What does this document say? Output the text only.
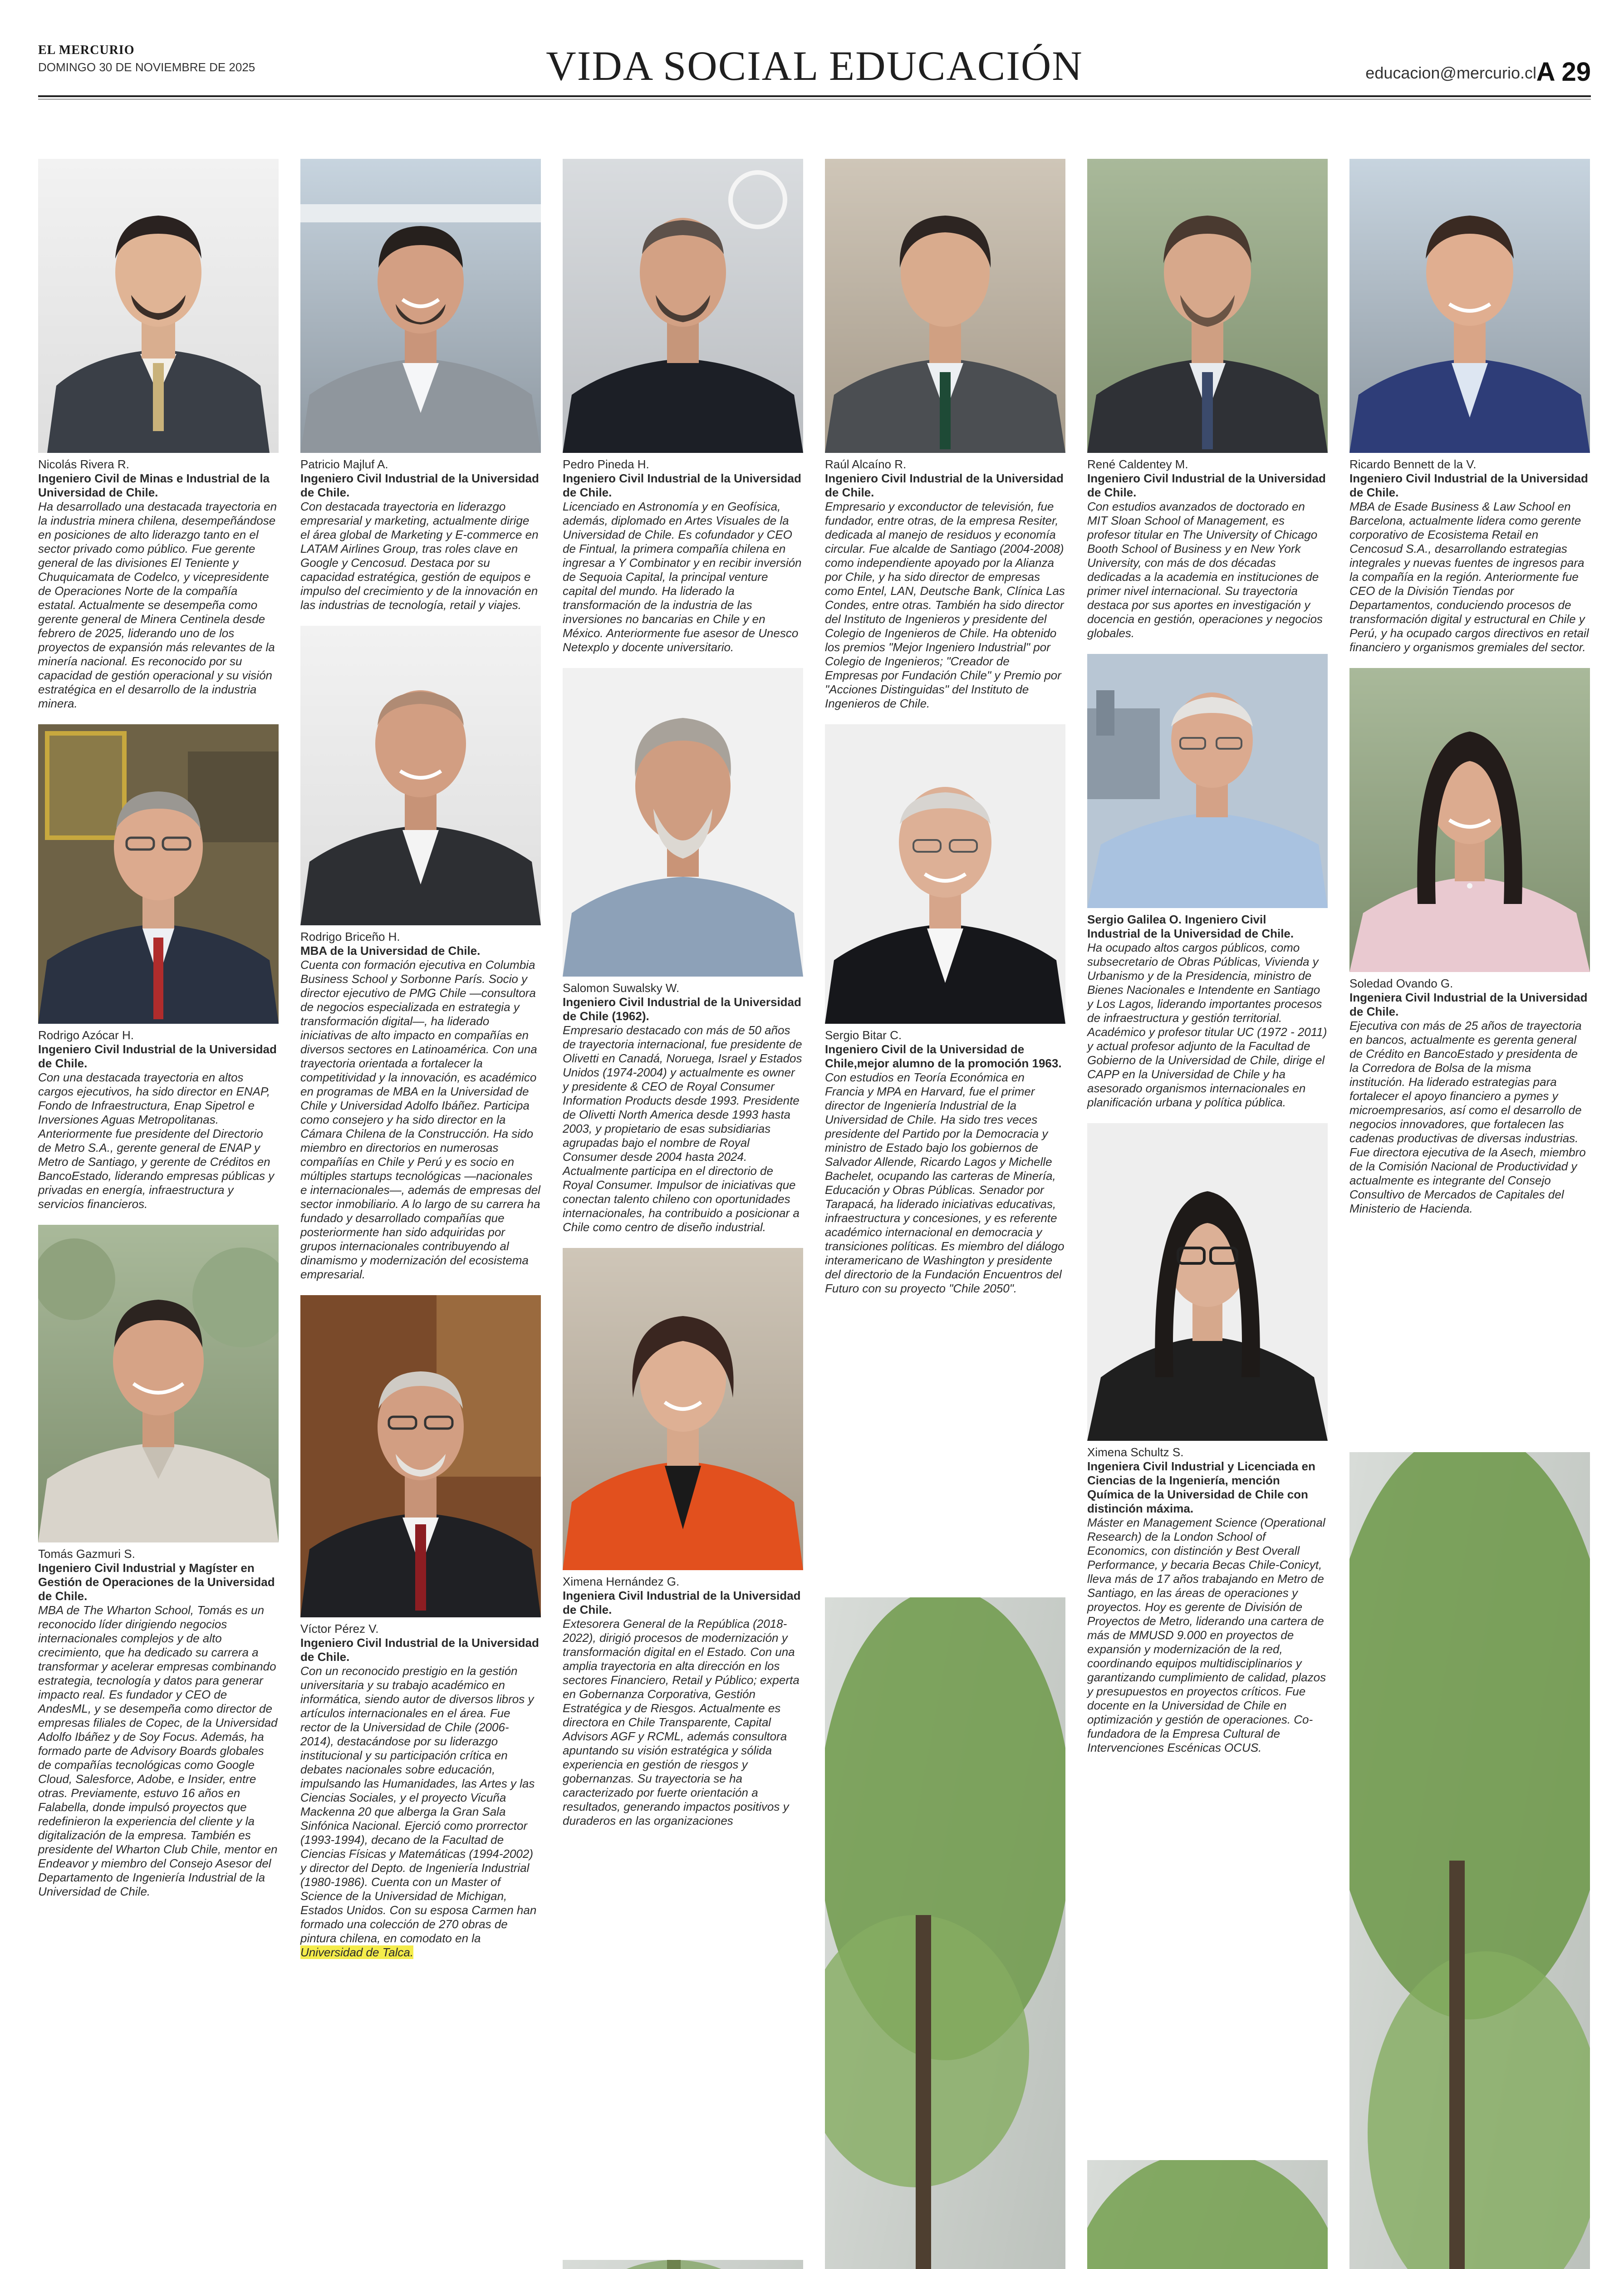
EL MERCURIO
DOMINGO 30 DE NOVIEMBRE DE 2025	VIDA SOCIAL EDUCACIÓN	educacion@mercurio.cl A 29
Nicolás Rivera R.
Ingeniero Civil de Minas e Industrial de la Universidad de Chile.
Ha desarrollado una destacada trayectoria en la industria minera chilena, desempeñándose en posiciones de alto liderazgo tanto en el sector privado como público. Fue gerente general de las divisiones El Teniente y Chuquicamata de Codelco, y vicepresidente de Operaciones Norte de la compañía estatal. Actualmente se desempeña como gerente general de Minera Centinela desde febrero de 2025, liderando uno de los proyectos de expansión más relevantes de la minería nacional. Es reconocido por su capacidad de gestión operacional y su visión estratégica en el desarrollo de la industria minera.
Rodrigo Azócar H.
Ingeniero Civil Industrial de la Universidad de Chile.
Con una destacada trayectoria en altos cargos ejecutivos, ha sido director en ENAP, Fondo de Infraestructura, Enap Sipetrol e Inversiones Aguas Metropolitanas. Anteriormente fue presidente del Directorio de Metro S.A., gerente general de ENAP y Metro de Santiago, y gerente de Créditos en BancoEstado, liderando empresas públicas y privadas en energía, infraestructura y servicios financieros.
Tomás Gazmuri S.
Ingeniero Civil Industrial y Magíster en Gestión de Operaciones de la Universidad de Chile.
MBA de The Wharton School, Tomás es un reconocido líder dirigiendo negocios internacionales complejos y de alto crecimiento, que ha dedicado su carrera a transformar y acelerar empresas combinando estrategia, tecnología y datos para generar impacto real. Es fundador y CEO de AndesML, y se desempeña como director de empresas filiales de Copec, de la Universidad Adolfo Ibáñez y de Soy Focus. Además, ha formado parte de Advisory Boards globales de compañías tecnológicas como Google Cloud, Salesforce, Adobe, e Insider, entre otras. Previamente, estuvo 16 años en Falabella, donde impulsó proyectos que redefinieron la experiencia del cliente y la digitalización de la empresa. También es presidente del Wharton Club Chile, mentor en Endeavor y miembro del Consejo Asesor del Departamento de Ingeniería Industrial de la Universidad de Chile.
Patricio Majluf A.
Ingeniero Civil Industrial de la Universidad de Chile.
Con destacada trayectoria en liderazgo empresarial y marketing, actualmente dirige el área global de Marketing y E-commerce en LATAM Airlines Group, tras roles clave en Google y Cencosud. Destaca por su capacidad estratégica, gestión de equipos e impulso del crecimiento y de la innovación en las industrias de tecnología, retail y viajes.
Rodrigo Briceño H.
MBA de la Universidad de Chile.
Cuenta con formación ejecutiva en Columbia Business School y Sorbonne París. Socio y director ejecutivo de PMG Chile —consultora de negocios especializada en estrategia y transformación digital—, ha liderado iniciativas de alto impacto en compañías en diversos sectores en Latinoamérica. Con una trayectoria orientada a fortalecer la competitividad y la innovación, es académico en programas de MBA en la Universidad de Chile y Universidad Adolfo Ibáñez. Participa como consejero y ha sido director en la Cámara Chilena de la Construcción. Ha sido miembro en directorios en numerosas compañías en Chile y Perú y es socio en múltiples startups tecnológicas —nacionales e internacionales—, además de empresas del sector inmobiliario. A lo largo de su carrera ha fundado y desarrollado compañías que posteriormente han sido adquiridas por grupos internacionales contribuyendo al dinamismo y modernización del ecosistema empresarial.
Víctor Pérez V.
Ingeniero Civil Industrial de la Universidad de Chile.
Con un reconocido prestigio en la gestión universitaria y su trabajo académico en informática, siendo autor de diversos libros y artículos internacionales en el área. Fue rector de la Universidad de Chile (2006-2014), destacándose por su liderazgo institucional y su participación crítica en debates nacionales sobre educación, impulsando las Humanidades, las Artes y las Ciencias Sociales, y el proyecto Vicuña Mackenna 20 que alberga la Gran Sala Sinfónica Nacional. Ejerció como prorrector (1993-1994), decano de la Facultad de Ciencias Físicas y Matemáticas (1994-2002) y director del Depto. de Ingeniería Industrial (1980-1986). Cuenta con un Master of Science de la Universidad de Michigan, Estados Unidos. Con su esposa Carmen han formado una colección de 270 obras de pintura chilena, en comodato en la Universidad de Talca.
Pedro Pineda H.
Ingeniero Civil Industrial de la Universidad de Chile.
Licenciado en Astronomía y en Geofísica, además, diplomado en Artes Visuales de la Universidad de Chile. Es cofundador y CEO de Fintual, la primera compañía chilena en ingresar a Y Combinator y en recibir inversión de Sequoia Capital, la principal venture capital del mundo. Ha liderado la transformación de la industria de las inversiones no bancarias en Chile y en México. Anteriormente fue asesor de Unesco Netexplo y docente universitario.
Salomon Suwalsky W.
Ingeniero Civil Industrial de la Universidad de Chile (1962).
Empresario destacado con más de 50 años de trayectoria internacional, fue presidente de Olivetti en Canadá, Noruega, Israel y Estados Unidos (1974-2004) y actualmente es owner y presidente & CEO de Royal Consumer Information Products desde 1993. Presidente de Olivetti North America desde 1993 hasta 2003, y propietario de esas subsidiarias agrupadas bajo el nombre de Royal Consumer desde 2004 hasta 2024. Actualmente participa en el directorio de Royal Consumer. Impulsor de iniciativas que conectan talento chileno con oportunidades internacionales, ha contribuido a posicionar a Chile como centro de diseño industrial.
Ximena Hernández G.
Ingeniera Civil Industrial de la Universidad de Chile.
Extesorera General de la República (2018-2022), dirigió procesos de modernización y transformación digital en el Estado. Con una amplia trayectoria en alta dirección en los sectores Financiero, Retail y Público; experta en Gobernanza Corporativa, Gestión Estratégica y de Riesgos. Actualmente es directora en Chile Transparente, Capital Advisors AGF y RCML, además consultora apuntando su visión estratégica y sólida experiencia en gestión de riesgos y gobernanzas. Su trayectoria se ha caracterizado por fuerte orientación a resultados, generando impactos positivos y duraderos en las organizaciones
Raúl Alcaíno R.
Ingeniero Civil Industrial de la Universidad de Chile.
Empresario y exconductor de televisión, fue fundador, entre otras, de la empresa Resiter, dedicada al manejo de residuos y economía circular. Fue alcalde de Santiago (2004-2008) como independiente apoyado por la Alianza por Chile, y ha sido director de empresas como Entel, LAN, Deutsche Bank, Clínica Las Condes, entre otras. También ha sido director del Instituto de Ingenieros y presidente del Colegio de Ingenieros de Chile. Ha obtenido los premios "Mejor Ingeniero Industrial" por Colegio de Ingenieros; "Creador de Empresas por Fundación Chile" y Premio por "Acciones Distinguidas" del Instituto de Ingenieros de Chile.
Sergio Bitar C.
Ingeniero Civil de la Universidad de Chile,mejor alumno de la promoción 1963.
Con estudios en Teoría Económica en Francia y MPA en Harvard, fue el primer director de Ingeniería Industrial de la Universidad de Chile. Ha sido tres veces presidente del Partido por la Democracia y ministro de Estado bajo los gobiernos de Salvador Allende, Ricardo Lagos y Michelle Bachelet, ocupando las carteras de Minería, Educación y Obras Públicas. Senador por Tarapacá, ha liderado iniciativas educativas, infraestructura y concesiones, y es referente académico internacional en democracia y transiciones políticas. Es miembro del diálogo interamericano de Washington y presidente del directorio de la Fundación Encuentros del Futuro con su proyecto "Chile 2050".
René Caldentey M.
Ingeniero Civil Industrial de la Universidad de Chile.
Con estudios avanzados de doctorado en MIT Sloan School of Management, es profesor titular en The University of Chicago Booth School of Business y en New York University, con más de dos décadas dedicadas a la academia en instituciones de primer nivel internacional. Su trayectoria destaca por sus aportes en investigación y docencia en gestión, operaciones y negocios globales.
Sergio Galilea O. Ingeniero Civil
Industrial de la Universidad de Chile.
Ha ocupado altos cargos públicos, como subsecretario de Obras Públicas, Vivienda y Urbanismo y de la Presidencia, ministro de Bienes Nacionales e Intendente en Santiago y Los Lagos, liderando importantes procesos de infraestructura y gestión territorial. Académico y profesor titular UC (1972 - 2011) y actual profesor adjunto de la Facultad de Gobierno de la Universidad de Chile, dirige el CAPP en la Universidad de Chile y ha asesorado organismos internacionales en planificación urbana y política pública.
Ximena Schultz S.
Ingeniera Civil Industrial y Licenciada en Ciencias de la Ingeniería, mención Química de la Universidad de Chile con distinción máxima.
Máster en Management Science (Operational Research) de la London School of Economics, con distinción y Best Overall Performance, y becaria Becas Chile-Conicyt, lleva más de 17 años trabajando en Metro de Santiago, en las áreas de operaciones y proyectos. Hoy es gerente de División de Proyectos de Metro, liderando una cartera de más de MMUSD 9.000 en proyectos de expansión y modernización de la red, coordinando equipos multidisciplinarios y garantizando cumplimiento de calidad, plazos y presupuestos en proyectos críticos. Fue docente en la Universidad de Chile en optimización y gestión de operaciones. Co-fundadora de la Empresa Cultural de Intervenciones Escénicas OCUS.
Ricardo Bennett de la V.
Ingeniero Civil Industrial de la Universidad de Chile.
MBA de Esade Business & Law School en Barcelona, actualmente lidera como gerente corporativo de Ecosistema Retail en Cencosud S.A., desarrollando estrategias integrales y nuevas fuentes de ingresos para la compañía en la región. Anteriormente fue CEO de la División Tiendas por Departamentos, conduciendo procesos de transformación digital y estructural en Chile y Perú, y ha ocupado cargos directivos en retail financiero y organismos gremiales del sector.
Soledad Ovando G.
Ingeniera Civil Industrial de la Universidad de Chile.
Ejecutiva con más de 25 años de trayectoria en bancos, actualmente es gerenta general de Crédito en BancoEstado y presidenta de la Corredora de Bolsa de la misma institución. Ha liderado estrategias para fortalecer el apoyo financiero a pymes y microempresarios, así como el desarrollo de negocios innovadores, que fortalecen las cadenas productivas de diversas industrias. Fue directora ejecutiva de la Asech, miembro de la Comisión Nacional de Productividad y actualmente es integrante del Consejo Consultivo de Mercados de Capitales del Ministerio de Hacienda.
